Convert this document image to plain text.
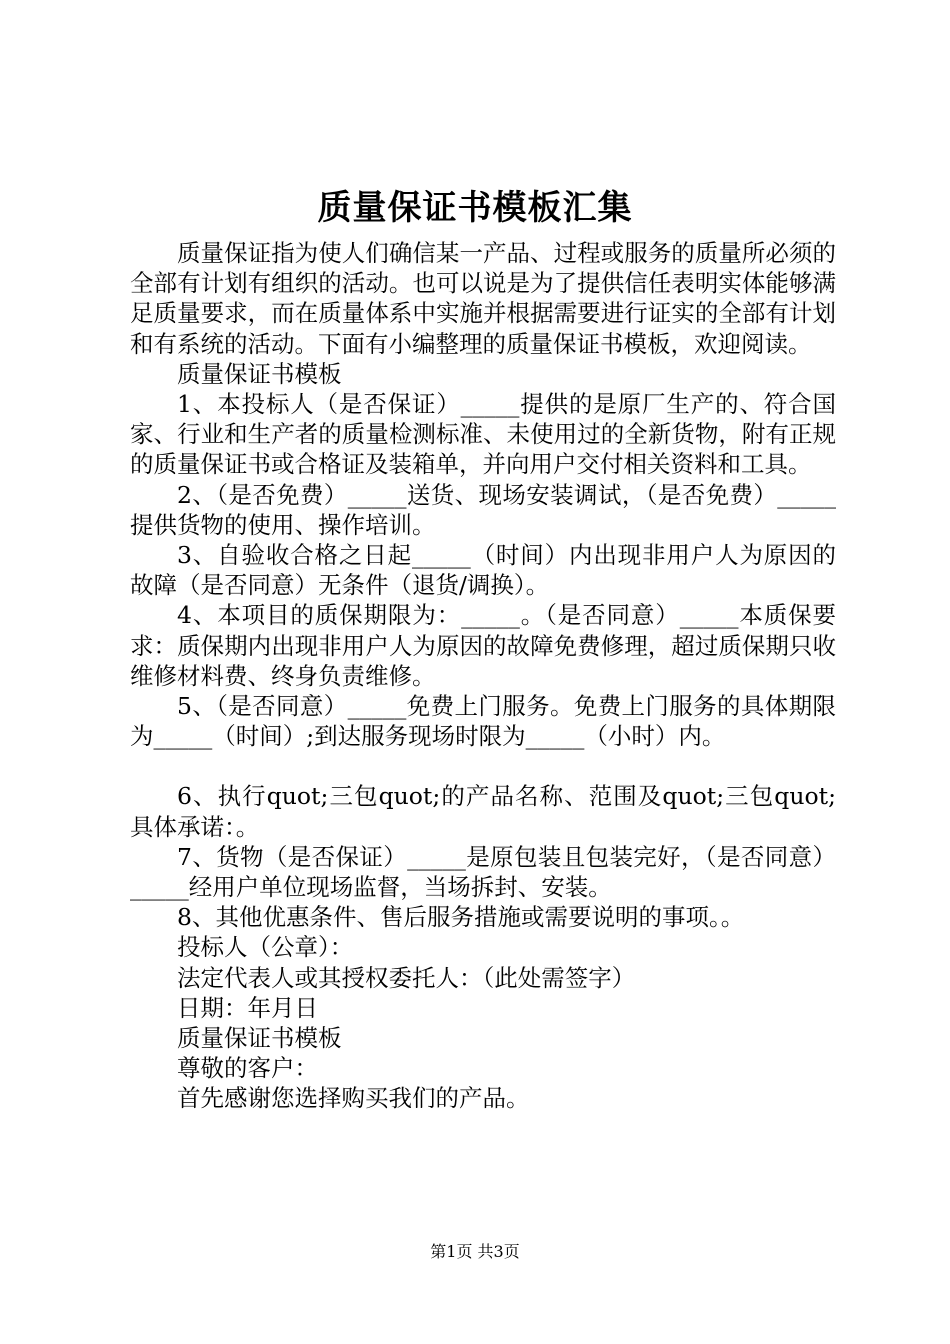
质量保证书模板汇集

质量保证指为使人们确信某一产品、过程或服务的质量所必须的全部有计划有组织的活动。也可以说是为了提供信任表明实体能够满足质量要求，而在质量体系中实施并根据需要进行证实的全部有计划和有系统的活动。下面有小编整理的质量保证书模板，欢迎阅读。

质量保证书模板

1、本投标人（是否保证）_____提供的是原厂生产的、符合国家、行业和生产者的质量检测标准、未使用过的全新货物，附有正规的质量保证书或合格证及装箱单，并向用户交付相关资料和工具。

2、（是否免费）_____送货、现场安装调试，（是否免费）_____提供货物的使用、操作培训。

3、自验收合格之日起_____（时间）内出现非用户人为原因的故障（是否同意）无条件（退货/调换）。

4、本项目的质保期限为：_____。（是否同意）_____本质保要求：质保期内出现非用户人为原因的故障免费修理，超过质保期只收维修材料费、终身负责维修。

5、（是否同意）_____免费上门服务。免费上门服务的具体期限为_____（时间）;到达服务现场时限为_____（小时）内。

6、执行quot;三包quot;的产品名称、范围及quot;三包quot;具体承诺：。

7、货物（是否保证）_____是原包装且包装完好，（是否同意）_____经用户单位现场监督，当场拆封、安装。

8、其他优惠条件、售后服务措施或需要说明的事项。。

投标人（公章）：

法定代表人或其授权委托人：（此处需签字）

日期：年月日

质量保证书模板

尊敬的客户：

首先感谢您选择购买我们的产品。

第1页 共3页
